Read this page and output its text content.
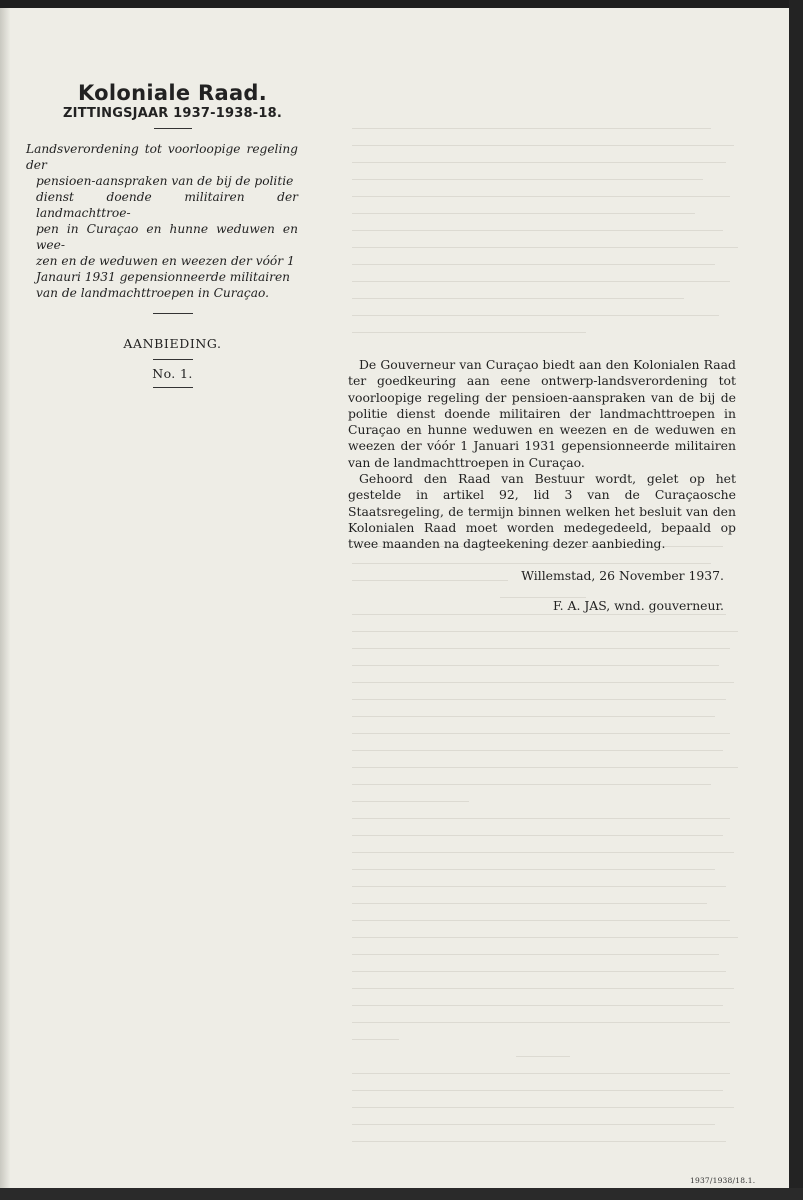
Koloniale Raad.
ZITTINGSJAAR 1937-1938-18.
Landsverordening tot voorloopige regeling der
pensioen-aanspraken van de bij de politie
dienst doende militairen der landmachttroe-
pen in Curaçao en hunne weduwen en wee-
zen en de weduwen en weezen der vóór 1
Janauri 1931 gepensionneerde militairen
van de landmachttroepen in Curaçao.
AANBIEDING.
No. 1.

De Gouverneur van Curaçao biedt aan den Kolonialen Raad ter goedkeuring aan eene ontwerp-landsverordening tot voorloopige regeling der pensioen-aanspraken van de bij de politie dienst doende militairen der landmachttroepen in Curaçao en hunne weduwen en weezen en de weduwen en weezen der vóór 1 Januari 1931 gepensionneerde militairen van de landmachttroepen in Curaçao.

Gehoord den Raad van Bestuur wordt, gelet op het gestelde in artikel 92, lid 3 van de Curaçaosche Staatsregeling, de termijn binnen welken het besluit van den Kolonialen Raad moet worden medegedeeld, bepaald op twee maanden na dagteekening dezer aanbieding.

Willemstad, 26 November 1937.

F. A. JAS, wnd. gouverneur.

1937/1938/18.1.
